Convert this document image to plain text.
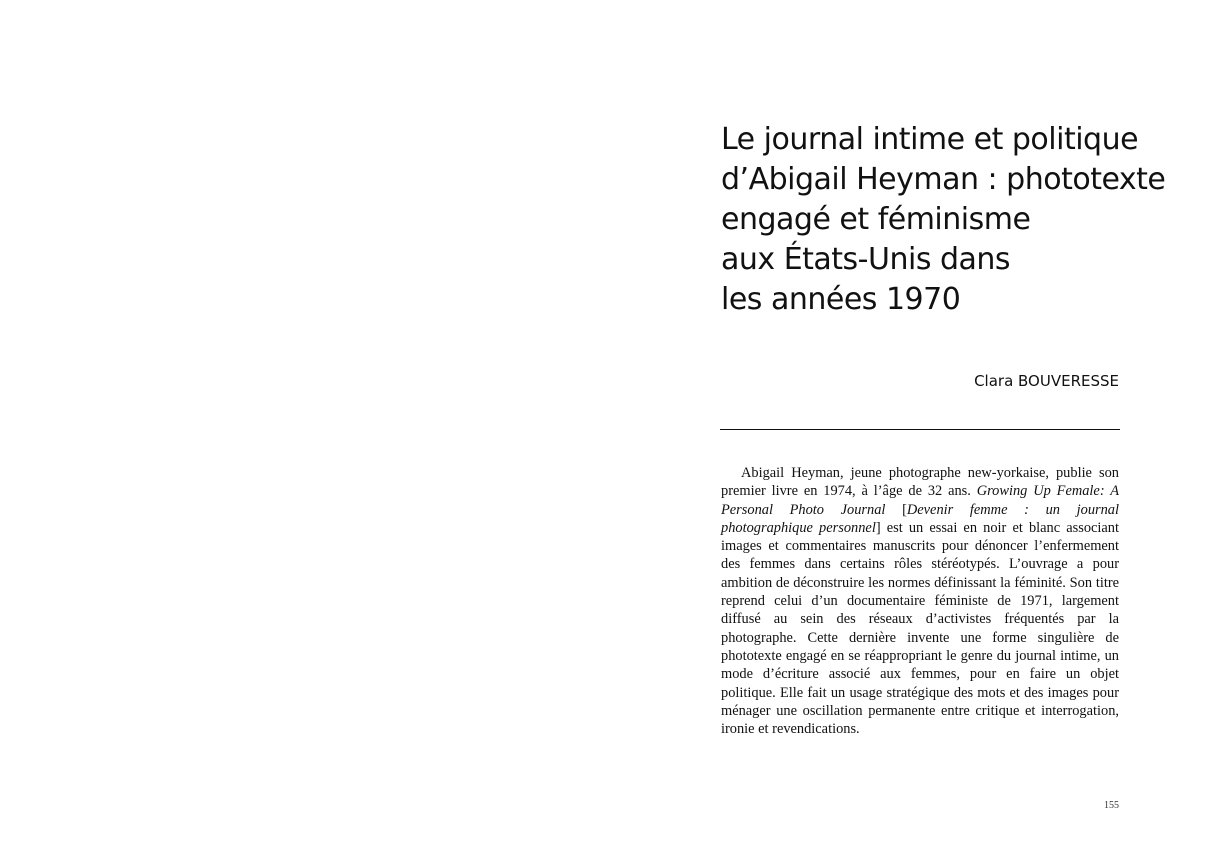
Le journal intime et politique
d’Abigail Heyman : phototexte
engagé et féminisme
aux États-Unis dans
les années 1970
Clara BOUVERESSE

Abigail Heyman, jeune photographe new-yorkaise, publie son premier livre en 1974, à l’âge de 32 ans. Growing Up Female: A Personal Photo Journal [Devenir femme : un journal photographique personnel] est un essai en noir et blanc associant images et commentaires manuscrits pour dénoncer l’enfermement des femmes dans certains rôles stéréotypés. L’ouvrage a pour ambition de déconstruire les normes définissant la féminité. Son titre reprend celui d’un documentaire féministe de 1971, largement diffusé au sein des réseaux d’activistes fréquentés par la photographe. Cette dernière invente une forme singulière de phototexte engagé en se réappropriant le genre du journal intime, un mode d’écriture associé aux femmes, pour en faire un objet politique. Elle fait un usage stratégique des mots et des images pour ménager une oscillation permanente entre critique et interrogation, ironie et revendications.

155
